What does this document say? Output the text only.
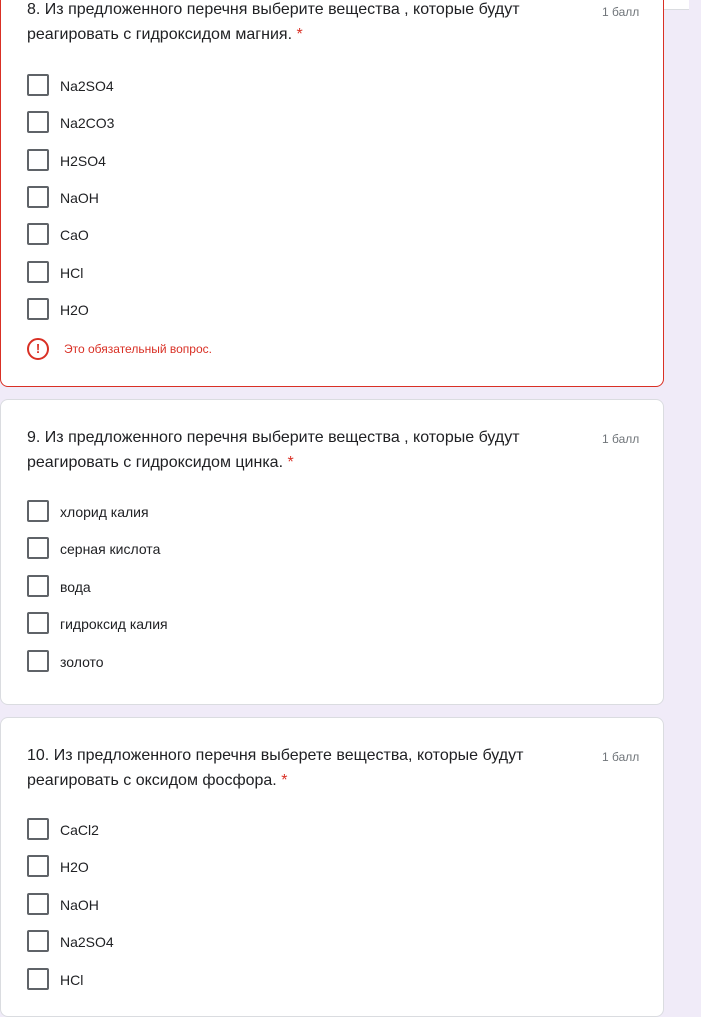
8. Из предложенного перечня выберите вещества , которые будут реагировать с гидроксидом магния. *
1 балл
Na2SO4
Na2CO3
H2SO4
NaOH
CaO
HCl
H2O
!	Это обязательный вопрос.
9. Из предложенного перечня выберите вещества , которые будут реагировать с гидроксидом цинка. *
1 балл
хлорид калия
серная кислота
вода
гидроксид калия
золото
10. Из предложенного перечня выберете вещества, которые будут реагировать с оксидом фосфора. *
1 балл
CaCl2
H2O
NaOH
Na2SO4
HCl
